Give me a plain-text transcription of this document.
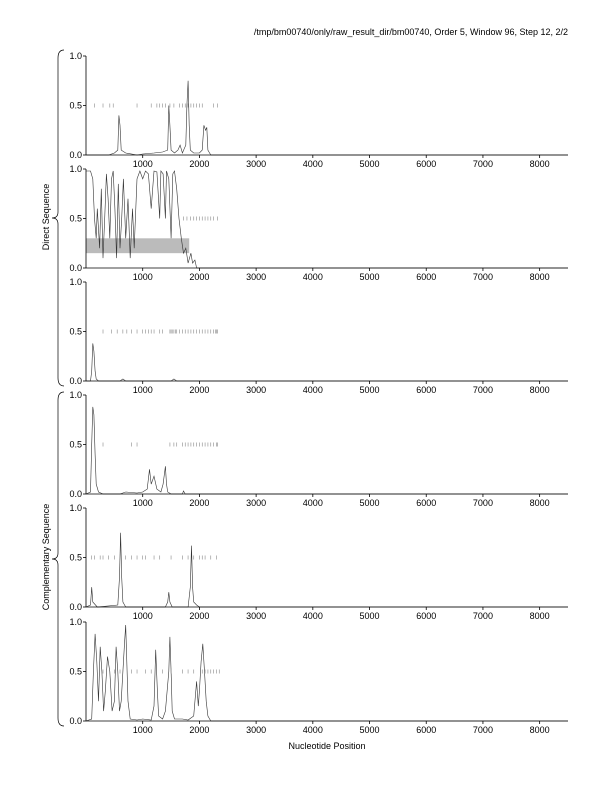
/tmp/bm00740/only/raw_result_dir/bm00740, Order 5, Window 96, Step 12, 2/2
0.0
0.5
1.0
1000	2000	3000	4000	5000	6000	7000	8000
0.0
0.5
1.0
1000	2000	3000	4000	5000	6000	7000	8000
0.0
0.5
1.0
1000	2000	3000	4000	5000	6000	7000	8000
0.0
0.5
1.0
1000	2000	3000	4000	5000	6000	7000	8000
0.0
0.5
1.0
1000	2000	3000	4000	5000	6000	7000	8000
0.0
0.5
1.0
1000	2000	3000	4000	5000	6000	7000	8000
Direct Sequence
Complementary Sequence
Nucleotide Position
